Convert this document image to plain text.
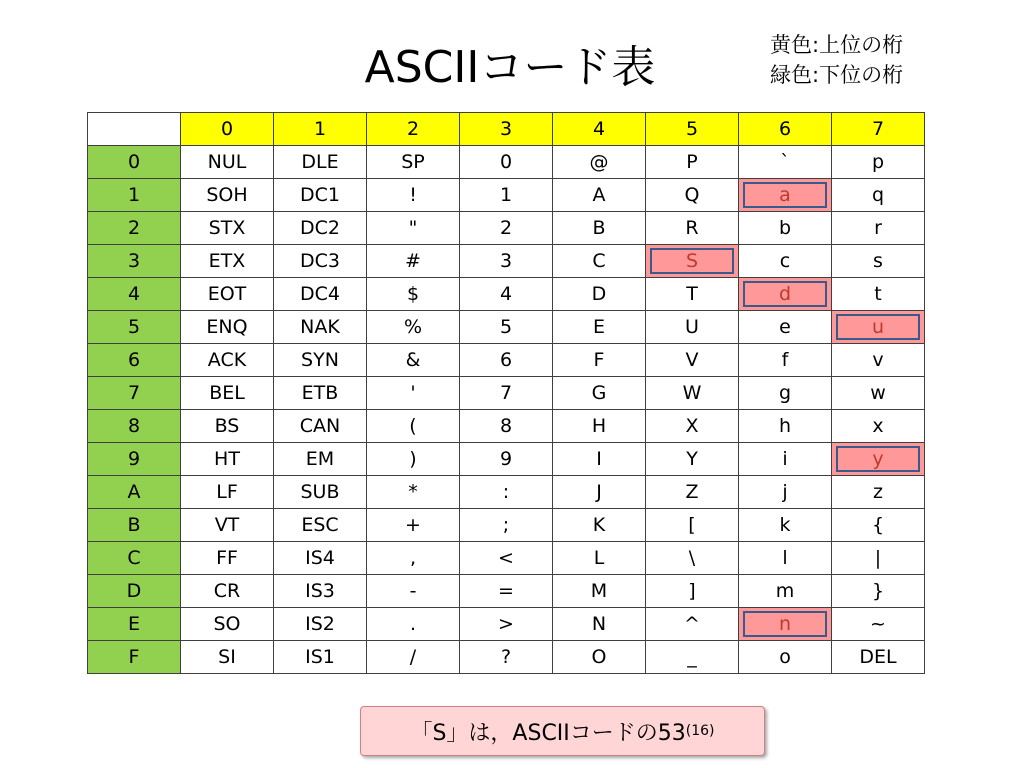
ASCIIコード表	黄色:上位の桁
緑色:下位の桁
	0	1	2	3	4	5	6	7
0	NUL	DLE	SP	0	@	P	`	p
1	SOH	DC1	!	1	A	Q	a	q
2	STX	DC2	"	2	B	R	b	r
3	ETX	DC3	#	3	C	S	c	s
4	EOT	DC4	$	4	D	T	d	t
5	ENQ	NAK	%	5	E	U	e	u
6	ACK	SYN	&	6	F	V	f	v
7	BEL	ETB	'	7	G	W	g	w
8	BS	CAN	(	8	H	X	h	x
9	HT	EM	)	9	I	Y	i	y
A	LF	SUB	*	:	J	Z	j	z
B	VT	ESC	+	;	K	[	k	{
C	FF	IS4	,	<	L	\	l	|
D	CR	IS3	-	=	M	]	m	}
E	SO	IS2	.	>	N	^	n	~
F	SI	IS1	/	?	O	_	o	DEL
「S」は，ASCIIコードの53 (16)
